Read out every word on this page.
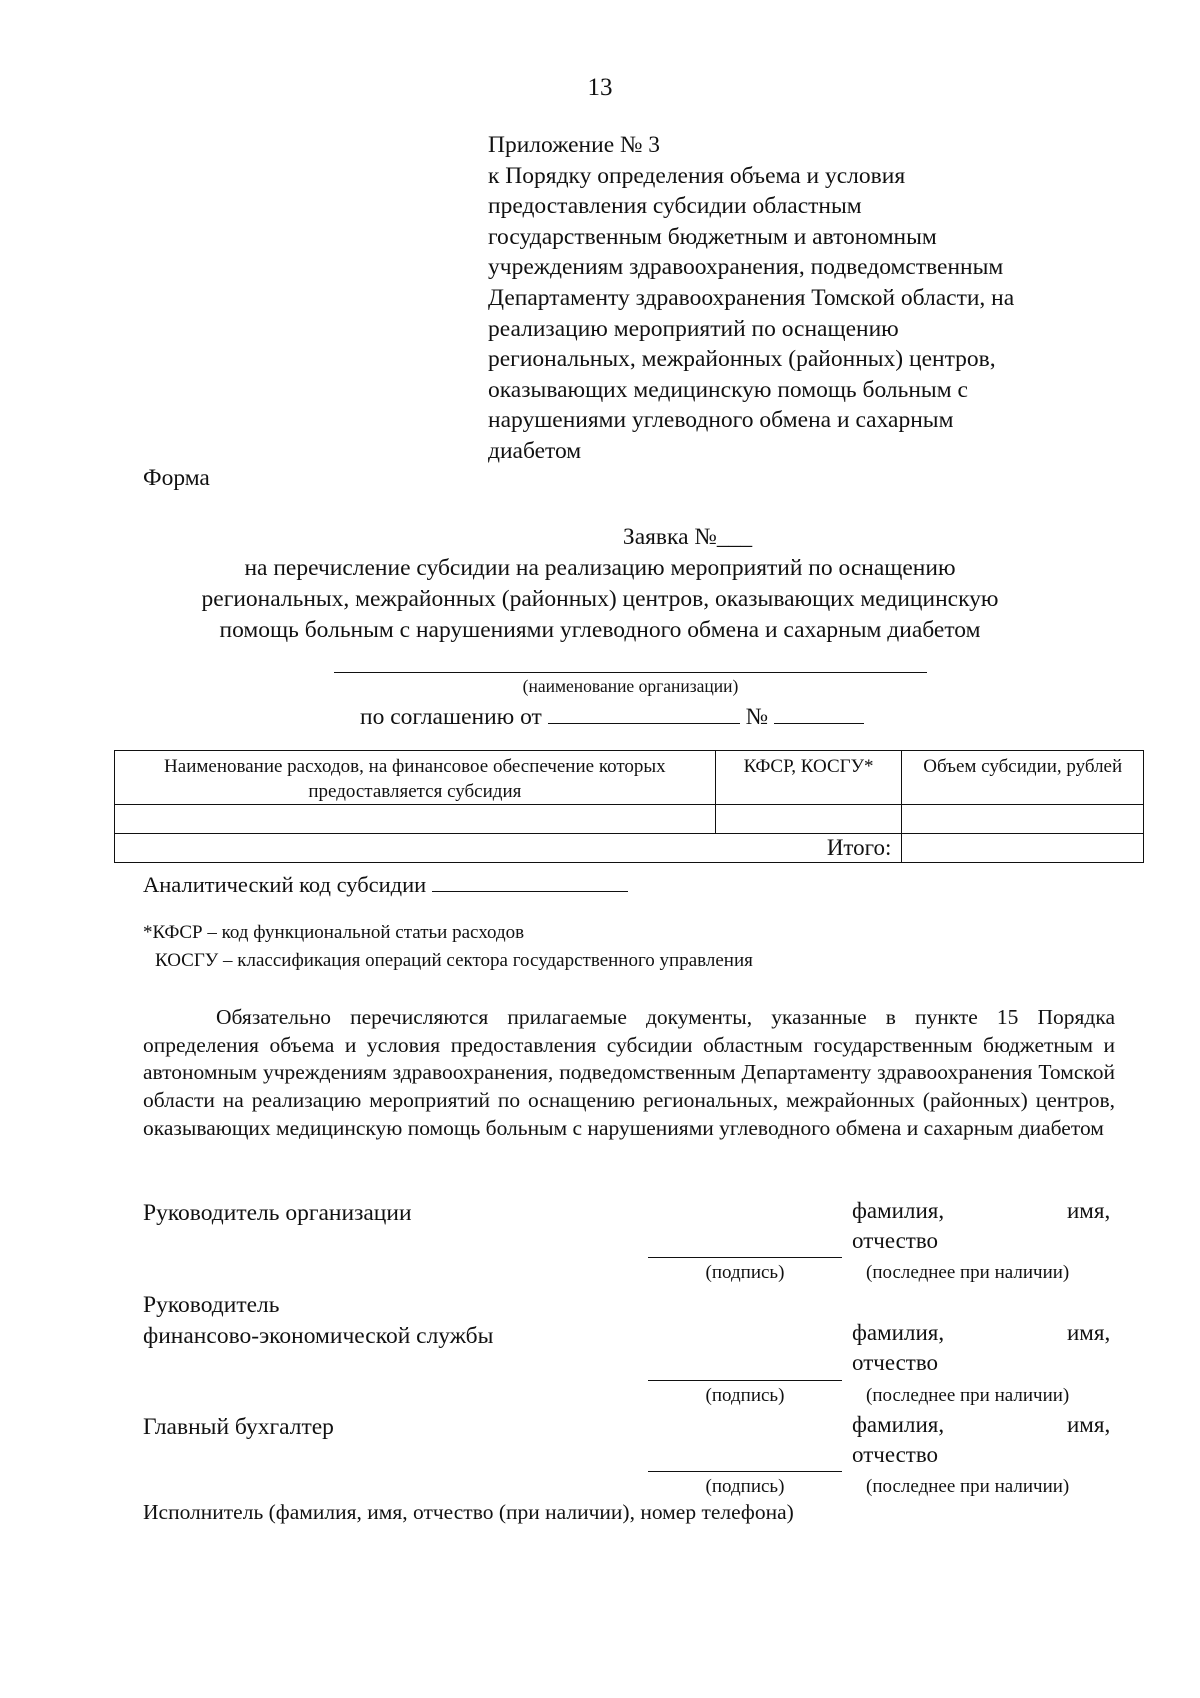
13
Приложение № 3
к Порядку определения объема и условия
предоставления субсидии областным
государственным бюджетным и автономным
учреждениям здравоохранения, подведомственным
Департаменту здравоохранения Томской области, на
реализацию мероприятий по оснащению
региональных, межрайонных (районных) центров,
оказывающих медицинскую помощь больным с
нарушениями углеводного обмена и сахарным
диабетом
Форма
Заявка №___
на перечисление субсидии на реализацию мероприятий по оснащению
региональных, межрайонных (районных) центров, оказывающих медицинскую
помощь больным с нарушениями углеводного обмена и сахарным диабетом
(наименование организации)
по соглашению от	№
Наименование расходов, на финансовое обеспечение которых предоставляется субсидия	КФСР, КОСГУ*	Объем субсидии, рублей

Итого:		
Аналитический код субсидии
*КФСР – код функциональной статьи расходов
КОСГУ – классификация операций сектора государственного управления
Обязательно перечисляются прилагаемые документы, указанные в пункте 15 Порядка определения объема и условия предоставления субсидии областным государственным бюджетным и автономным учреждениям здравоохранения, подведомственным Департаменту здравоохранения Томской области на реализацию мероприятий по оснащению региональных, межрайонных (районных) центров, оказывающих медицинскую помощь больным с нарушениями углеводного обмена и сахарным диабетом
Руководитель организации	фамилия,	имя,
отчество
(подпись)	(последнее при наличии)
Руководитель
финансово-экономической службы	фамилия,	имя,
отчество
(подпись)	(последнее при наличии)
Главный бухгалтер	фамилия,	имя,
отчество
(подпись)	(последнее при наличии)
Исполнитель (фамилия, имя, отчество (при наличии), номер телефона)
